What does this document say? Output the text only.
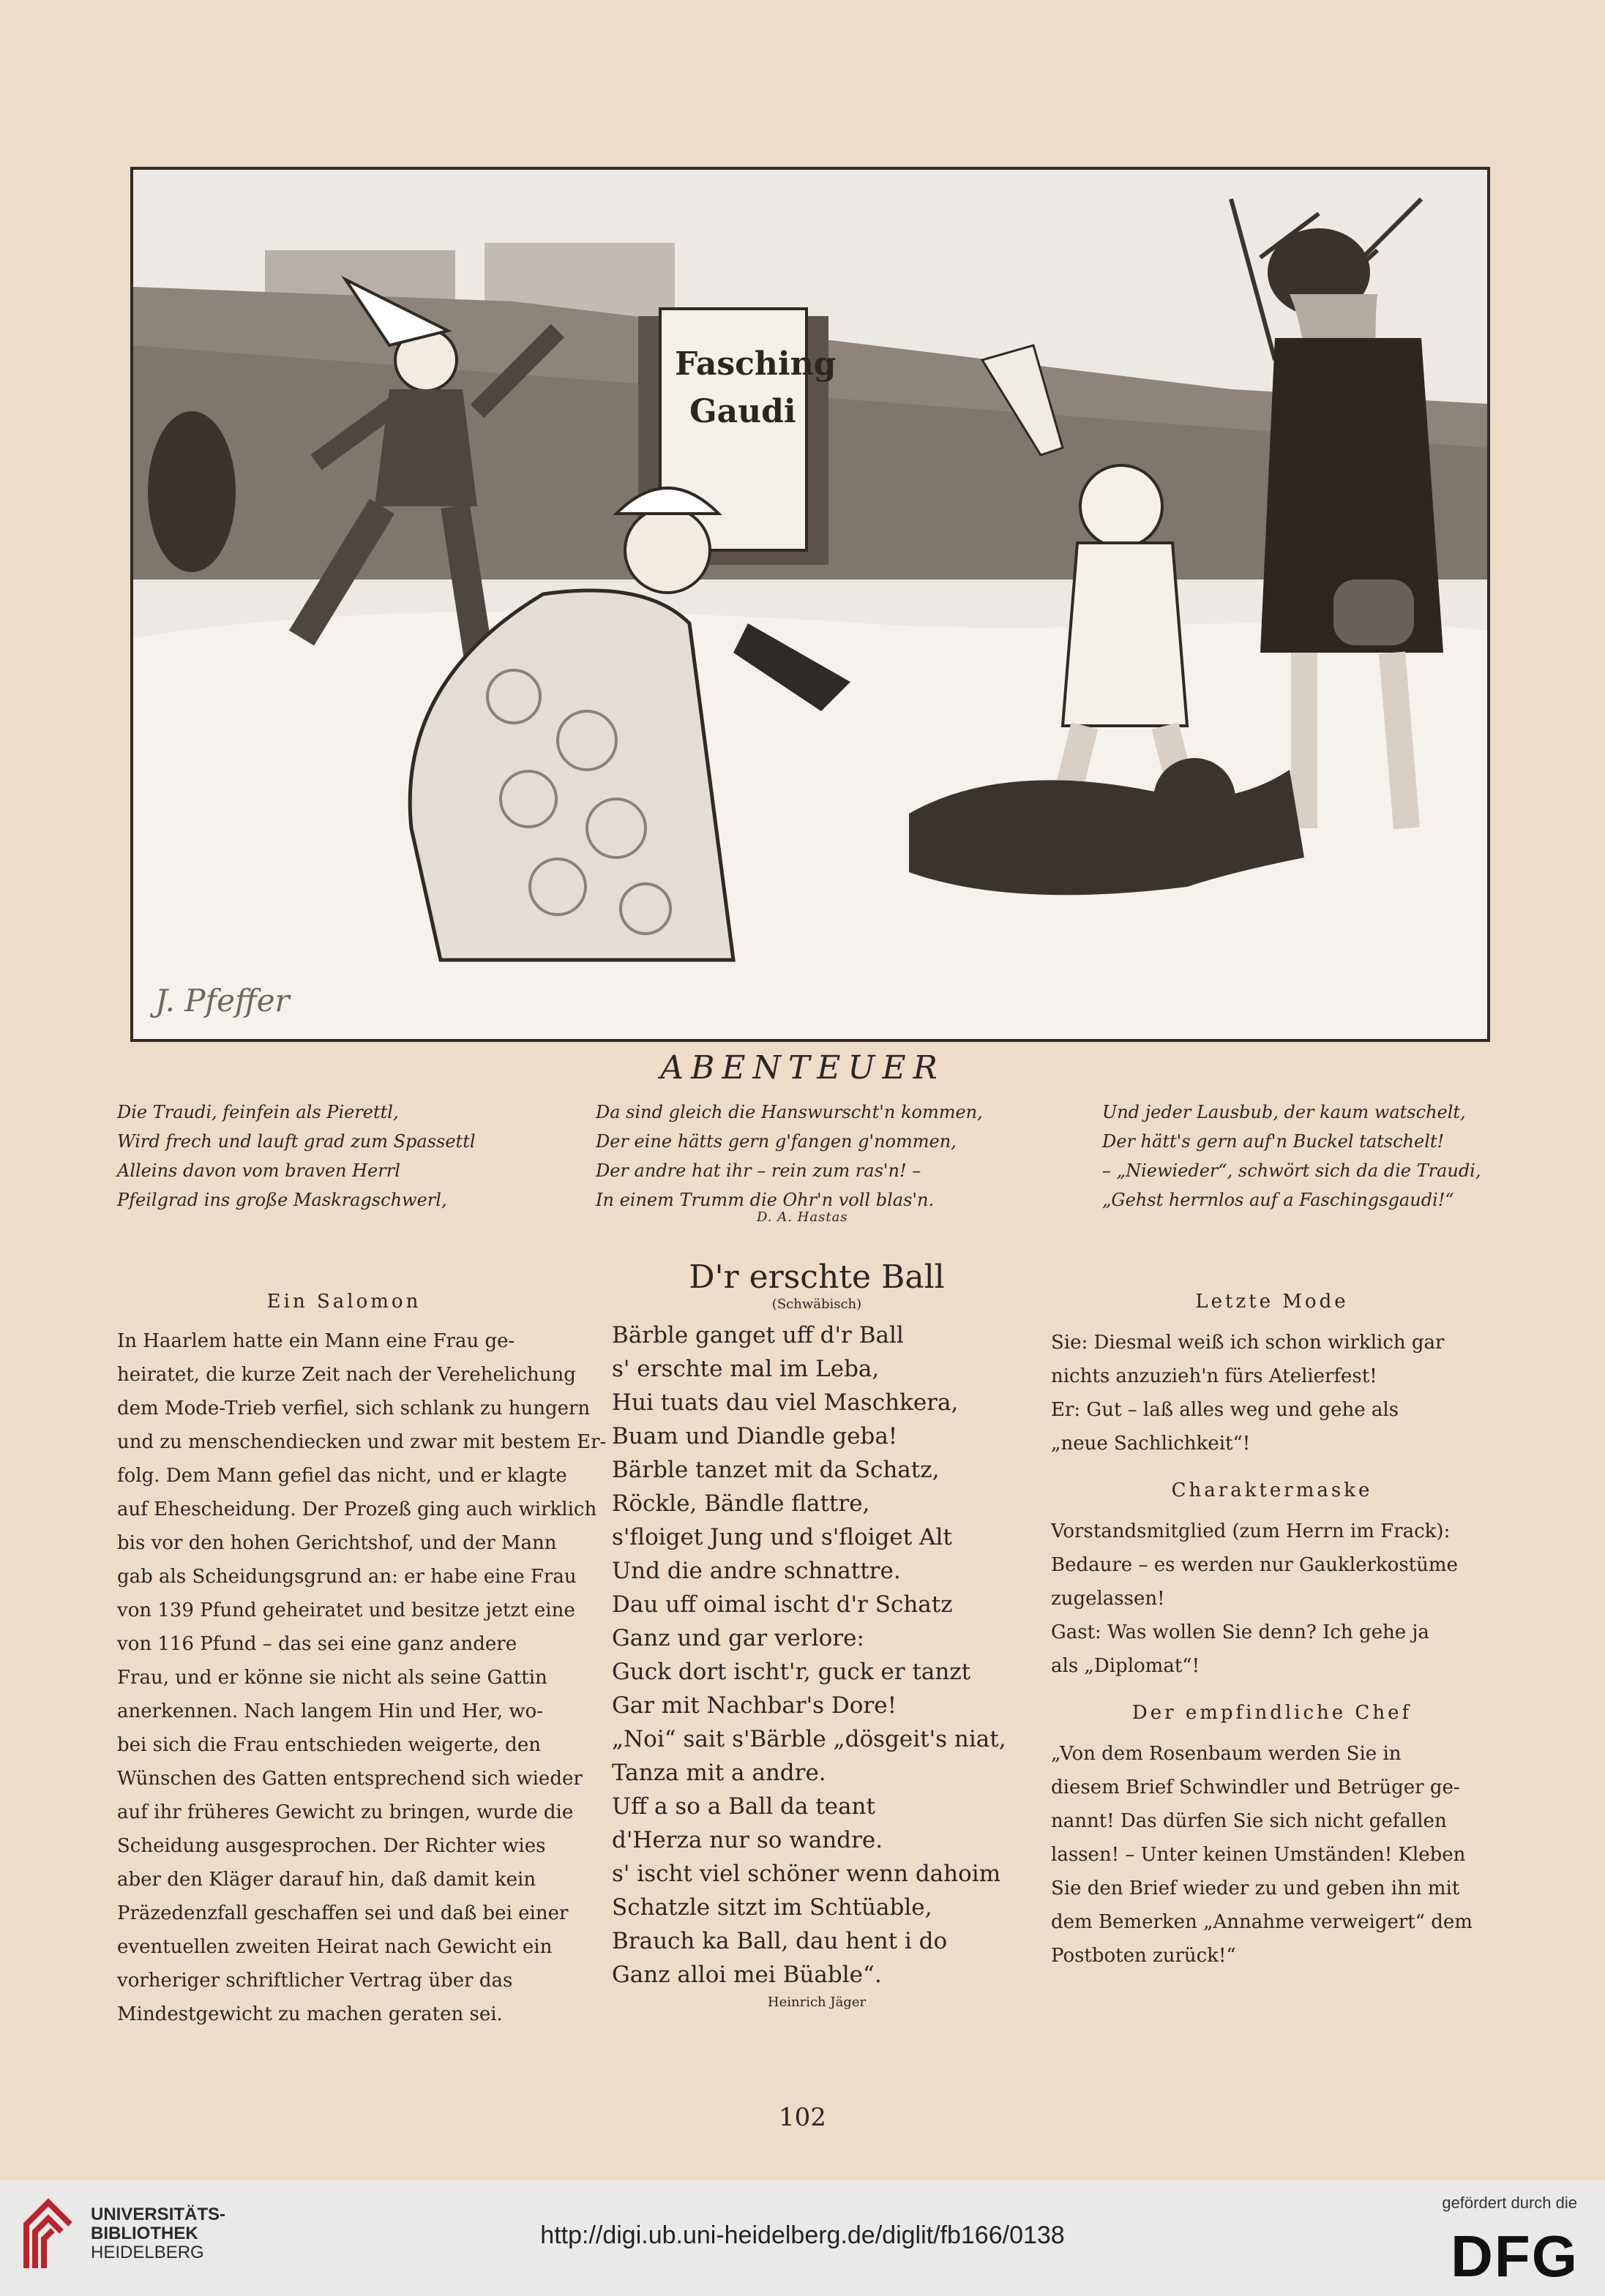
Fasching
Gaudi
J. Pfeffer
ABENTEUER
Die Traudi, feinfein als Pierettl,
Wird frech und lauft grad zum Spassettl
Alleins davon vom braven Herrl
Pfeilgrad ins große Maskragschwerl,
Da sind gleich die Hanswurscht'n kommen,
Der eine hätts gern g'fangen g'nommen,
Der andre hat ihr – rein zum ras'n! –
In einem Trumm die Ohr'n voll blas'n.
Und jeder Lausbub, der kaum watschelt,
Der hätt's gern auf'n Buckel tatschelt!
– „Niewieder“, schwört sich da die Traudi,
„Gehst herrnlos auf a Faschingsgaudi!“
D. A. Hastas
Ein Salomon
In Haarlem hatte ein Mann eine Frau ge-
heiratet, die kurze Zeit nach der Verehelichung
dem Mode-Trieb verfiel, sich schlank zu hungern
und zu menschendiecken und zwar mit bestem Er-
folg. Dem Mann gefiel das nicht, und er klagte
auf Ehescheidung. Der Prozeß ging auch wirklich
bis vor den hohen Gerichtshof, und der Mann
gab als Scheidungsgrund an: er habe eine Frau
von 139 Pfund geheiratet und besitze jetzt eine
von 116 Pfund – das sei eine ganz andere
Frau, und er könne sie nicht als seine Gattin
anerkennen. Nach langem Hin und Her, wo-
bei sich die Frau entschieden weigerte, den
Wünschen des Gatten entsprechend sich wieder
auf ihr früheres Gewicht zu bringen, wurde die
Scheidung ausgesprochen. Der Richter wies
aber den Kläger darauf hin, daß damit kein
Präzedenzfall geschaffen sei und daß bei einer
eventuellen zweiten Heirat nach Gewicht ein
vorheriger schriftlicher Vertrag über das
Mindestgewicht zu machen geraten sei.
D'r erschte Ball
(Schwäbisch)
Bärble ganget uff d'r Ball
s' erschte mal im Leba,
Hui tuats dau viel Maschkera,
Buam und Diandle geba!
Bärble tanzet mit da Schatz,
Röckle, Bändle flattre,
s'floiget Jung und s'floiget Alt
Und die andre schnattre.
Dau uff oimal ischt d'r Schatz
Ganz und gar verlore:
Guck dort ischt'r, guck er tanzt
Gar mit Nachbar's Dore!
„Noi“ sait s'Bärble „dösgeit's niat,
Tanza mit a andre.
Uff a so a Ball da teant
d'Herza nur so wandre.
s' ischt viel schöner wenn dahoim
Schatzle sitzt im Schtüable,
Brauch ka Ball, dau hent i do
Ganz alloi mei Büable“.
Heinrich Jäger
Letzte Mode
Sie: Diesmal weiß ich schon wirklich gar
nichts anzuzieh'n fürs Atelierfest!
Er: Gut – laß alles weg und gehe als
„neue Sachlichkeit“!
Charaktermaske
Vorstandsmitglied (zum Herrn im Frack):
Bedaure – es werden nur Gauklerkostüme
zugelassen!
Gast: Was wollen Sie denn? Ich gehe ja
als „Diplomat“!
Der empfindliche Chef
„Von dem Rosenbaum werden Sie in
diesem Brief Schwindler und Betrüger ge-
nannt! Das dürfen Sie sich nicht gefallen
lassen! – Unter keinen Umständen! Kleben
Sie den Brief wieder zu und geben ihn mit
dem Bemerken „Annahme verweigert“ dem
Postboten zurück!“
102
UNIVERSITÄTS-
BIBLIOTHEK
HEIDELBERG
http://digi.ub.uni-heidelberg.de/diglit/fb166/0138
gefördert durch die
DFG
